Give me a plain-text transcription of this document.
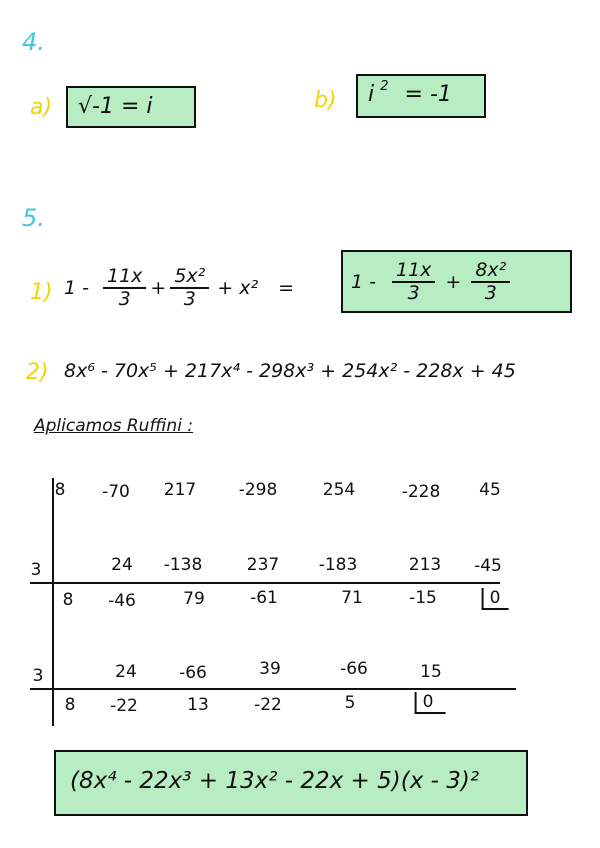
4.
a) √-1 = i	b) i $^2$ = -1
5.
1) $1 - \frac{11x}{3} + \frac{\text{5x²}}{3} + x^2$ =	$1 - \frac{11x}{3} + \frac{\text{8x²}}{3}$
2) 8x⁶ - 70x⁵ + 217x⁴ - 298x³ + 254x² - 228x + 45
Aplicamos Ruffini :
8 -70 217 -298	254	-228 45
3	24 -138	237 -183	213 -45
8 -46	79	-61	71	-15	0
3	24 -66	39	-66	15
8 -22	13	-22	5	0
(8x⁴ - 22x³ + 13x² - 22x + 5)(x - 3)²
